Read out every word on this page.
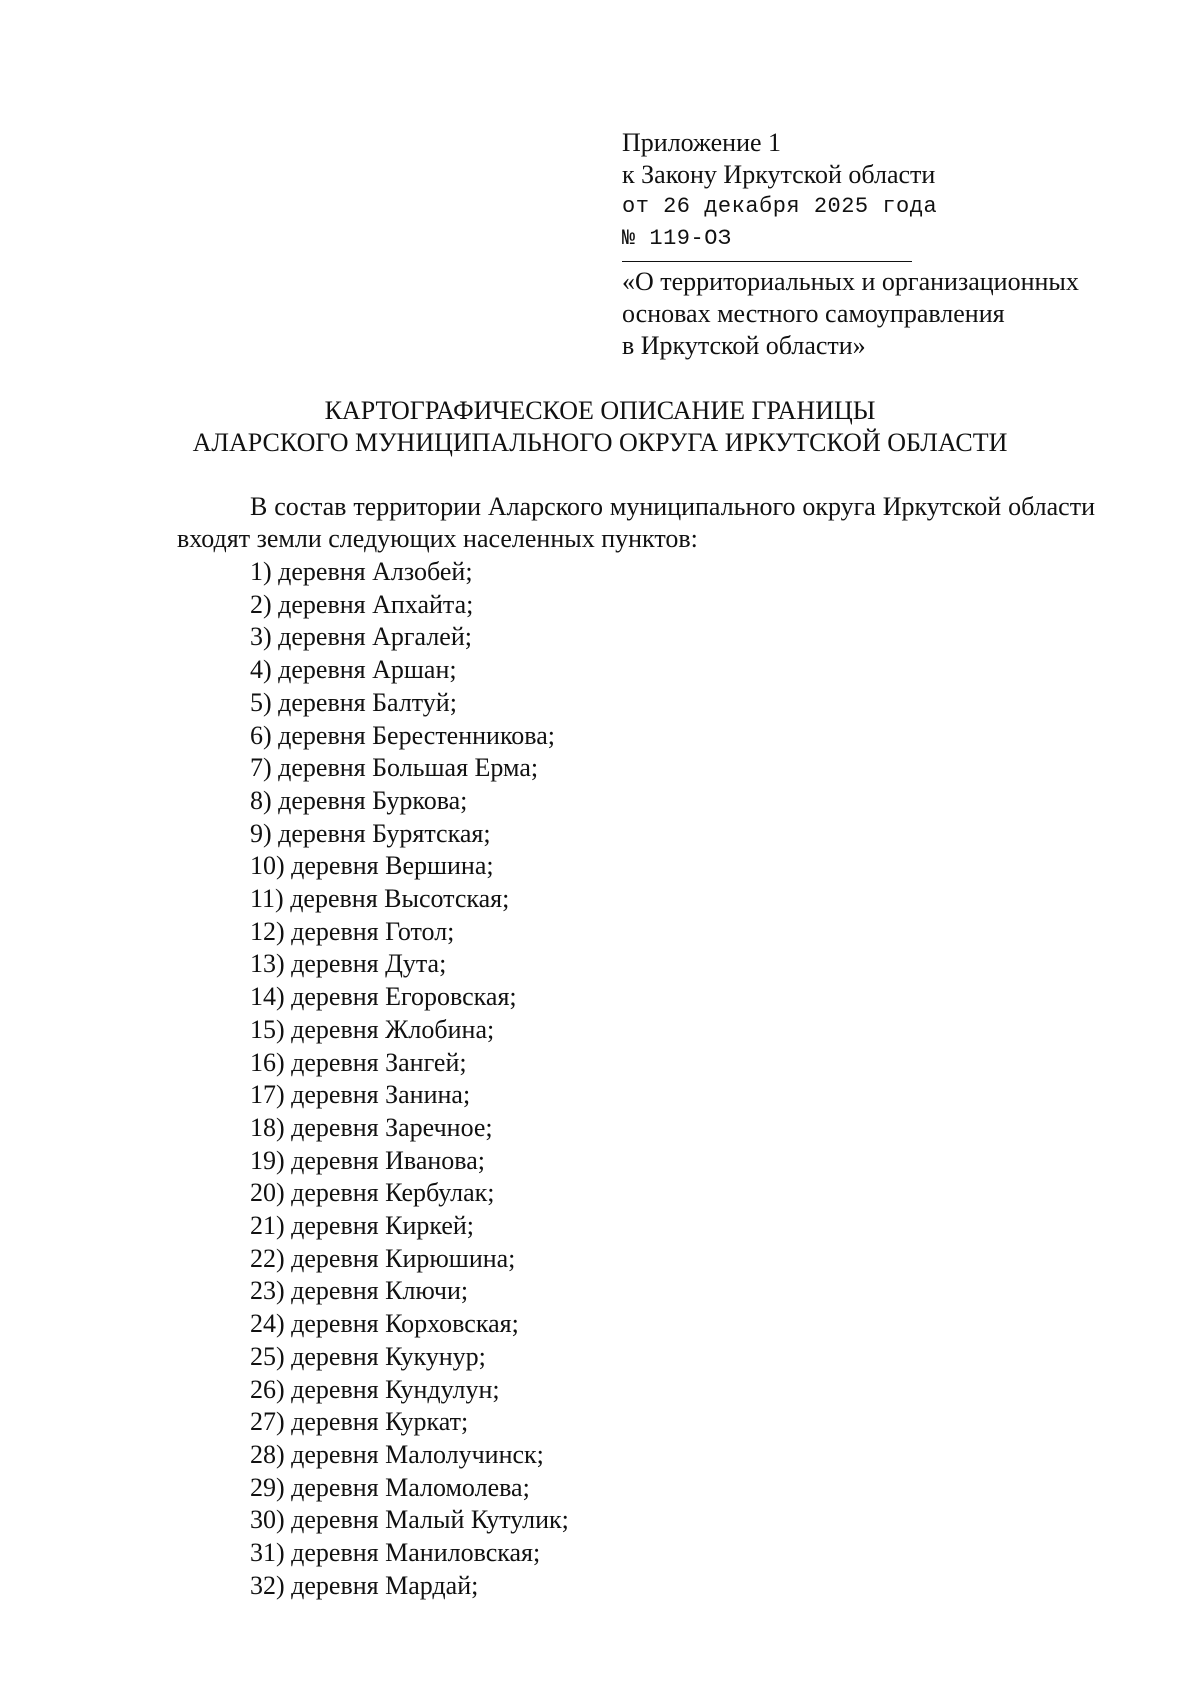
Приложение 1
к Закону Иркутской области
от 26 декабря 2025 года
№ 119-ОЗ
«О территориальных и организационных
основах местного самоуправления
в Иркутской области»
КАРТОГРАФИЧЕСКОЕ ОПИСАНИЕ ГРАНИЦЫ
АЛАРСКОГО МУНИЦИПАЛЬНОГО ОКРУГА ИРКУТСКОЙ ОБЛАСТИ

В состав территории Аларского муниципального округа Иркутской области входят земли следующих населенных пунктов:

1) деревня Алзобей;
2) деревня Апхайта;
3) деревня Аргалей;
4) деревня Аршан;
5) деревня Балтуй;
6) деревня Берестенникова;
7) деревня Большая Ерма;
8) деревня Буркова;
9) деревня Бурятская;
10) деревня Вершина;
11) деревня Высотская;
12) деревня Готол;
13) деревня Дута;
14) деревня Егоровская;
15) деревня Жлобина;
16) деревня Зангей;
17) деревня Занина;
18) деревня Заречное;
19) деревня Иванова;
20) деревня Кербулак;
21) деревня Киркей;
22) деревня Кирюшина;
23) деревня Ключи;
24) деревня Корховская;
25) деревня Кукунур;
26) деревня Кундулун;
27) деревня Куркат;
28) деревня Малолучинск;
29) деревня Маломолева;
30) деревня Малый Кутулик;
31) деревня Маниловская;
32) деревня Мардай;
